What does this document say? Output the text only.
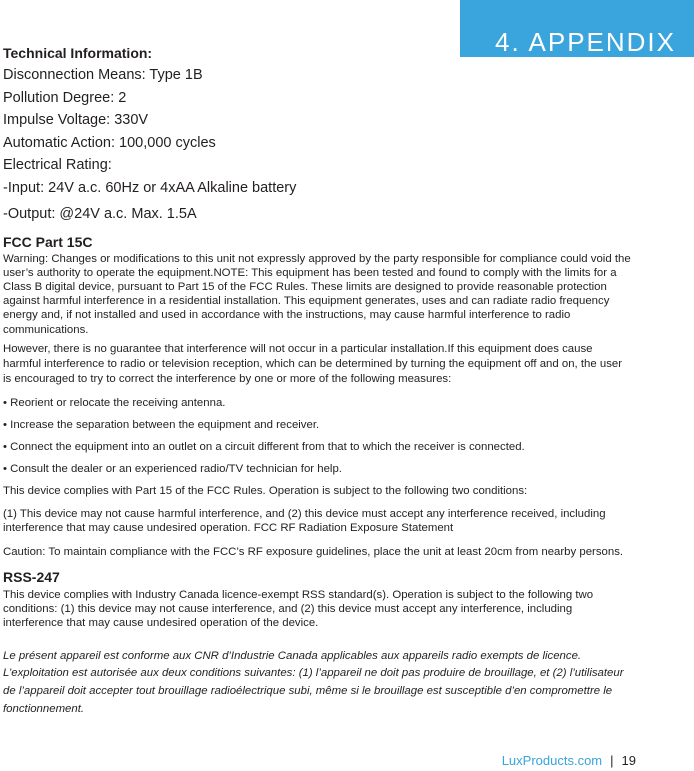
4. APPENDIX

Technical Information:

Disconnection Means: Type 1B

Pollution Degree: 2

Impulse Voltage: 330V

Automatic Action: 100,000 cycles

Electrical Rating:

-Input: 24V a.c. 60Hz or 4xAA Alkaline battery

-Output: @24V a.c. Max. 1.5A

FCC Part 15C

Warning: Changes or modifications to this unit not expressly approved by the party responsible for compliance could void the user’s authority to operate the equipment.NOTE: This equipment has been tested and found to comply with the limits for a Class B digital device, pursuant to Part 15 of the FCC Rules. These limits are designed to provide reasonable protection against harmful interference in a residential installation. This equipment generates, uses and can radiate radio frequency energy and, if not installed and used in accordance with the instructions, may cause harmful interference to radio communications.

However, there is no guarantee that interference will not occur in a particular installation.If this equipment does cause harmful interference to radio or television reception, which can be determined by turning the equipment off and on, the user is encouraged to try to correct the interference by one or more of the following measures:

• Reorient or relocate the receiving antenna.

• Increase the separation between the equipment and receiver.

• Connect the equipment into an outlet on a circuit different from that to which the receiver is connected.

• Consult the dealer or an experienced radio/TV technician for help.

This device complies with Part 15 of the FCC Rules. Operation is subject to the following two conditions:

(1) This device may not cause harmful interference, and (2) this device must accept any interference received, including interference that may cause undesired operation. FCC RF Radiation Exposure Statement

Caution: To maintain compliance with the FCC’s RF exposure guidelines, place the unit at least 20cm from nearby persons.

RSS-247

This device complies with Industry Canada licence-exempt RSS standard(s). Operation is subject to the following two conditions: (1) this device may not cause interference, and (2) this device must accept any interference, including interference that may cause undesired operation of the device.

Le présent appareil est conforme aux CNR d’Industrie Canada applicables aux appareils radio exempts de licence. L’exploitation est autorisée aux deux conditions suivantes: (1) l’appareil ne doit pas produire de brouillage, et (2) l’utilisateur de l’appareil doit accepter tout brouillage radioélectrique subi, même si le brouillage est susceptible d’en compromettre le fonctionnement.

LuxProducts.com | 19
